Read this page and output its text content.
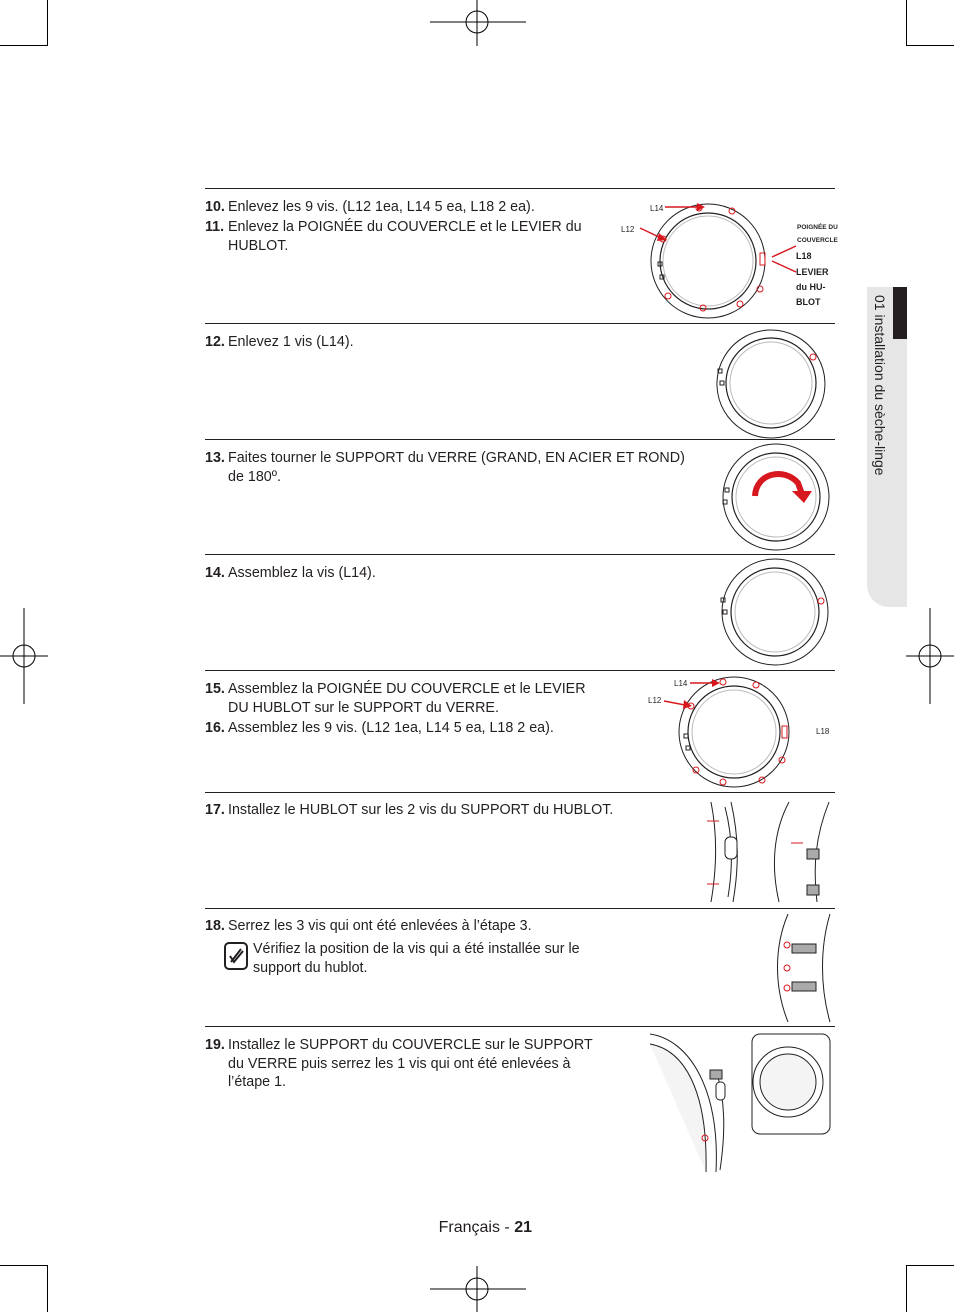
01 installation du sèche-linge
10. Enlevez les 9 vis. (L12 1ea, L14 5 ea, L18 2 ea).
11. Enlevez la POIGNÉE du COUVERCLE et le LEVIER du HUBLOT.
12. Enlevez 1 vis (L14).
13. Faites tourner le SUPPORT du VERRE (GRAND, EN ACIER ET ROND) de 180º.
14. Assemblez la vis (L14).
15. Assemblez la POIGNÉE DU COUVERCLE et le LEVIER DU HUBLOT sur le SUPPORT du VERRE.
16. Assemblez les 9 vis. (L12 1ea, L14 5 ea, L18 2 ea).
17. Installez le HUBLOT sur les 2 vis du SUPPORT du HUBLOT.
18. Serrez les 3 vis qui ont été enlevées à l’étape 3.
Vérifiez la position de la vis qui a été installée sur le support du hublot.
19. Installez le SUPPORT du COUVERCLE sur le SUPPORT du VERRE puis serrez les 1 vis qui ont été enlevées à l’étape 1.
L14
L12	POIGNÉE DU COUVERCLE
L18
LEVIER du HU-BLOT
L14
L12
L18
Français - 21
